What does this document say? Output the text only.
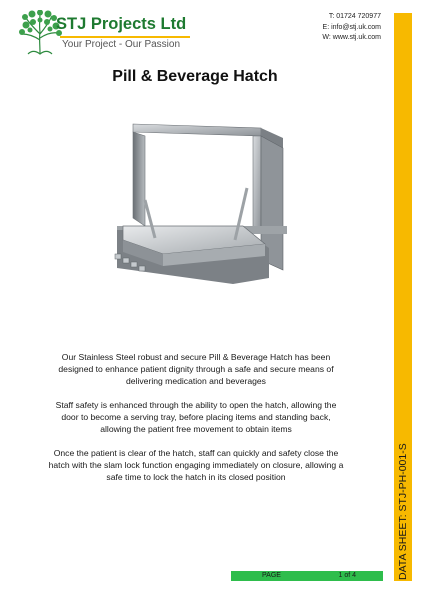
DATA SHEET: STJ-PH-001-S
STJ Projects Ltd
Your Project - Our Passion
T: 01724 720977
E: info@stj.uk.com
W: www.stj.uk.com
Pill & Beverage Hatch

Our Stainless Steel robust and secure Pill & Beverage Hatch has been designed to enhance patient dignity through a safe and secure means of delivering medication and beverages

Staff safety is enhanced through the ability to open the hatch, allowing the door to become a serving tray, before placing items and standing back, allowing the patient free movement to obtain items

Once the patient is clear of the hatch, staff can quickly and safety close the hatch with the slam lock function engaging immediately on closure, allowing a safe time to lock the hatch in its closed position

PAGE	1 of 4
